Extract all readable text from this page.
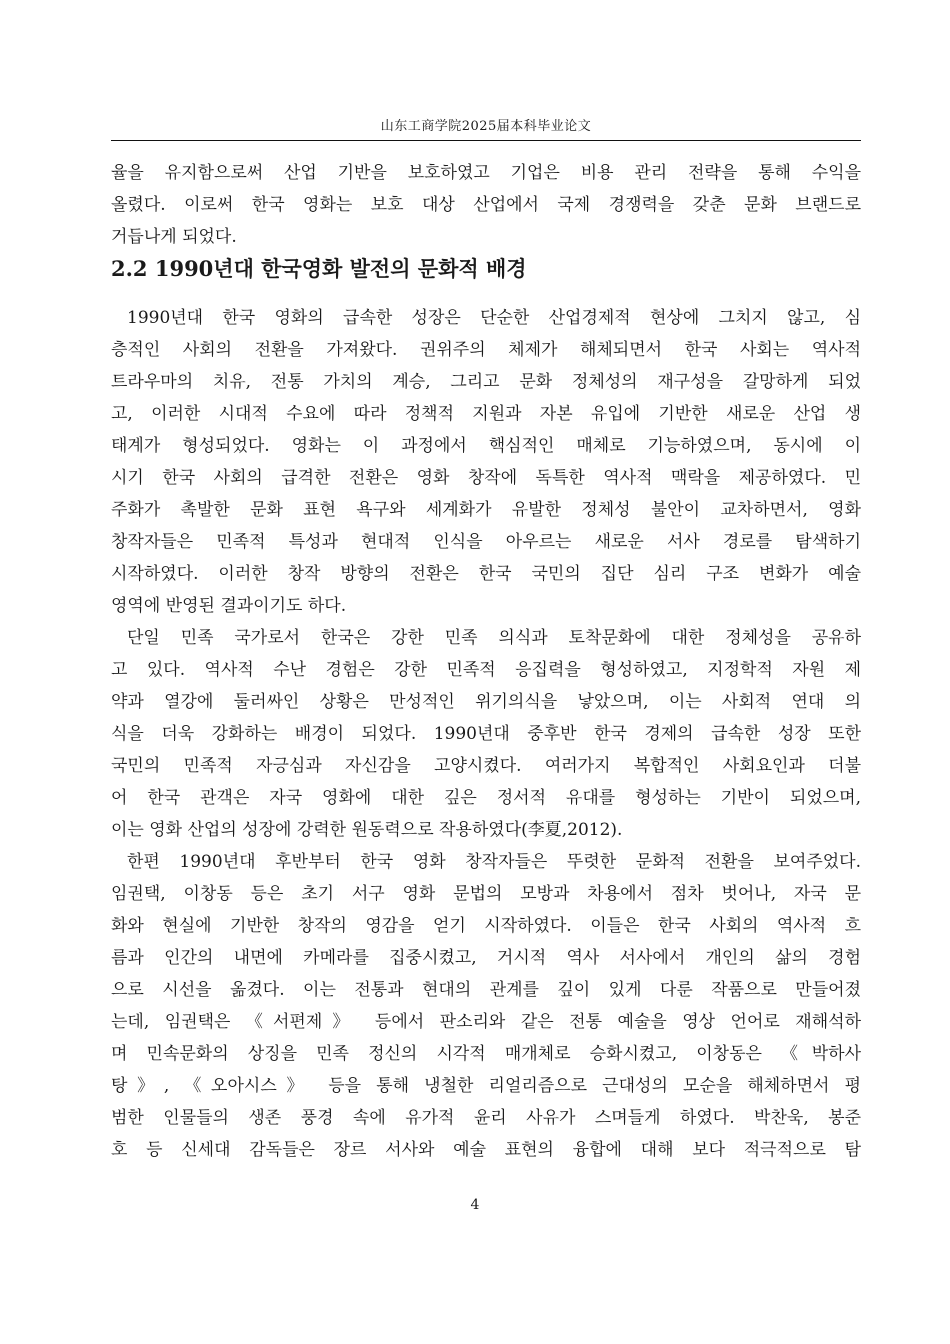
山东工商学院2025届本科毕业论文
율을 유지함으로써 산업 기반을 보호하였고 기업은 비용 관리 전략을 통해 수익을
올렸다. 이로써 한국 영화는 보호 대상 산업에서 국제 경쟁력을 갖춘 문화 브랜드로
거듭나게 되었다.
2.2 1990년대 한국영화 발전의 문화적 배경
1990년대 한국 영화의 급속한 성장은 단순한 산업경제적 현상에 그치지 않고, 심
층적인 사회의 전환을 가져왔다. 권위주의 체제가 해체되면서 한국 사회는 역사적
트라우마의 치유, 전통 가치의 계승, 그리고 문화 정체성의 재구성을 갈망하게 되었
고, 이러한 시대적 수요에 따라 정책적 지원과 자본 유입에 기반한 새로운 산업 생
태계가 형성되었다. 영화는 이 과정에서 핵심적인 매체로 기능하였으며, 동시에 이
시기 한국 사회의 급격한 전환은 영화 창작에 독특한 역사적 맥락을 제공하였다. 민
주화가 촉발한 문화 표현 욕구와 세계화가 유발한 정체성 불안이 교차하면서, 영화
창작자들은 민족적 특성과 현대적 인식을 아우르는 새로운 서사 경로를 탐색하기
시작하였다. 이러한 창작 방향의 전환은 한국 국민의 집단 심리 구조 변화가 예술
영역에 반영된 결과이기도 하다.
단일 민족 국가로서 한국은 강한 민족 의식과 토착문화에 대한 정체성을 공유하
고 있다. 역사적 수난 경험은 강한 민족적 응집력을 형성하였고, 지정학적 자원 제
약과 열강에 둘러싸인 상황은 만성적인 위기의식을 낳았으며, 이는 사회적 연대 의
식을 더욱 강화하는 배경이 되었다. 1990년대 중후반 한국 경제의 급속한 성장 또한
국민의 민족적 자긍심과 자신감을 고양시켰다. 여러가지 복합적인 사회요인과 더불
어 한국 관객은 자국 영화에 대한 깊은 정서적 유대를 형성하는 기반이 되었으며,
이는 영화 산업의 성장에 강력한 원동력으로 작용하였다(李夏,2012).
한편 1990년대 후반부터 한국 영화 창작자들은 뚜렷한 문화적 전환을 보여주었다.
임권택, 이창동 등은 초기 서구 영화 문법의 모방과 차용에서 점차 벗어나, 자국 문
화와 현실에 기반한 창작의 영감을 얻기 시작하였다. 이들은 한국 사회의 역사적 흐
름과 인간의 내면에 카메라를 집중시켰고, 거시적 역사 서사에서 개인의 삶의 경험
으로 시선을 옮겼다. 이는 전통과 현대의 관계를 깊이 있게 다룬 작품으로 만들어졌
는데, 임권택은 《서편제》 등에서 판소리와 같은 전통 예술을 영상 언어로 재해석하
며 민속문화의 상징을 민족 정신의 시각적 매개체로 승화시켰고, 이창동은 《박하사
탕》, 《오아시스》 등을 통해 냉철한 리얼리즘으로 근대성의 모순을 해체하면서 평
범한 인물들의 생존 풍경 속에 유가적 윤리 사유가 스며들게 하였다. 박찬욱, 봉준
호 등 신세대 감독들은 장르 서사와 예술 표현의 융합에 대해 보다 적극적으로 탐
4
